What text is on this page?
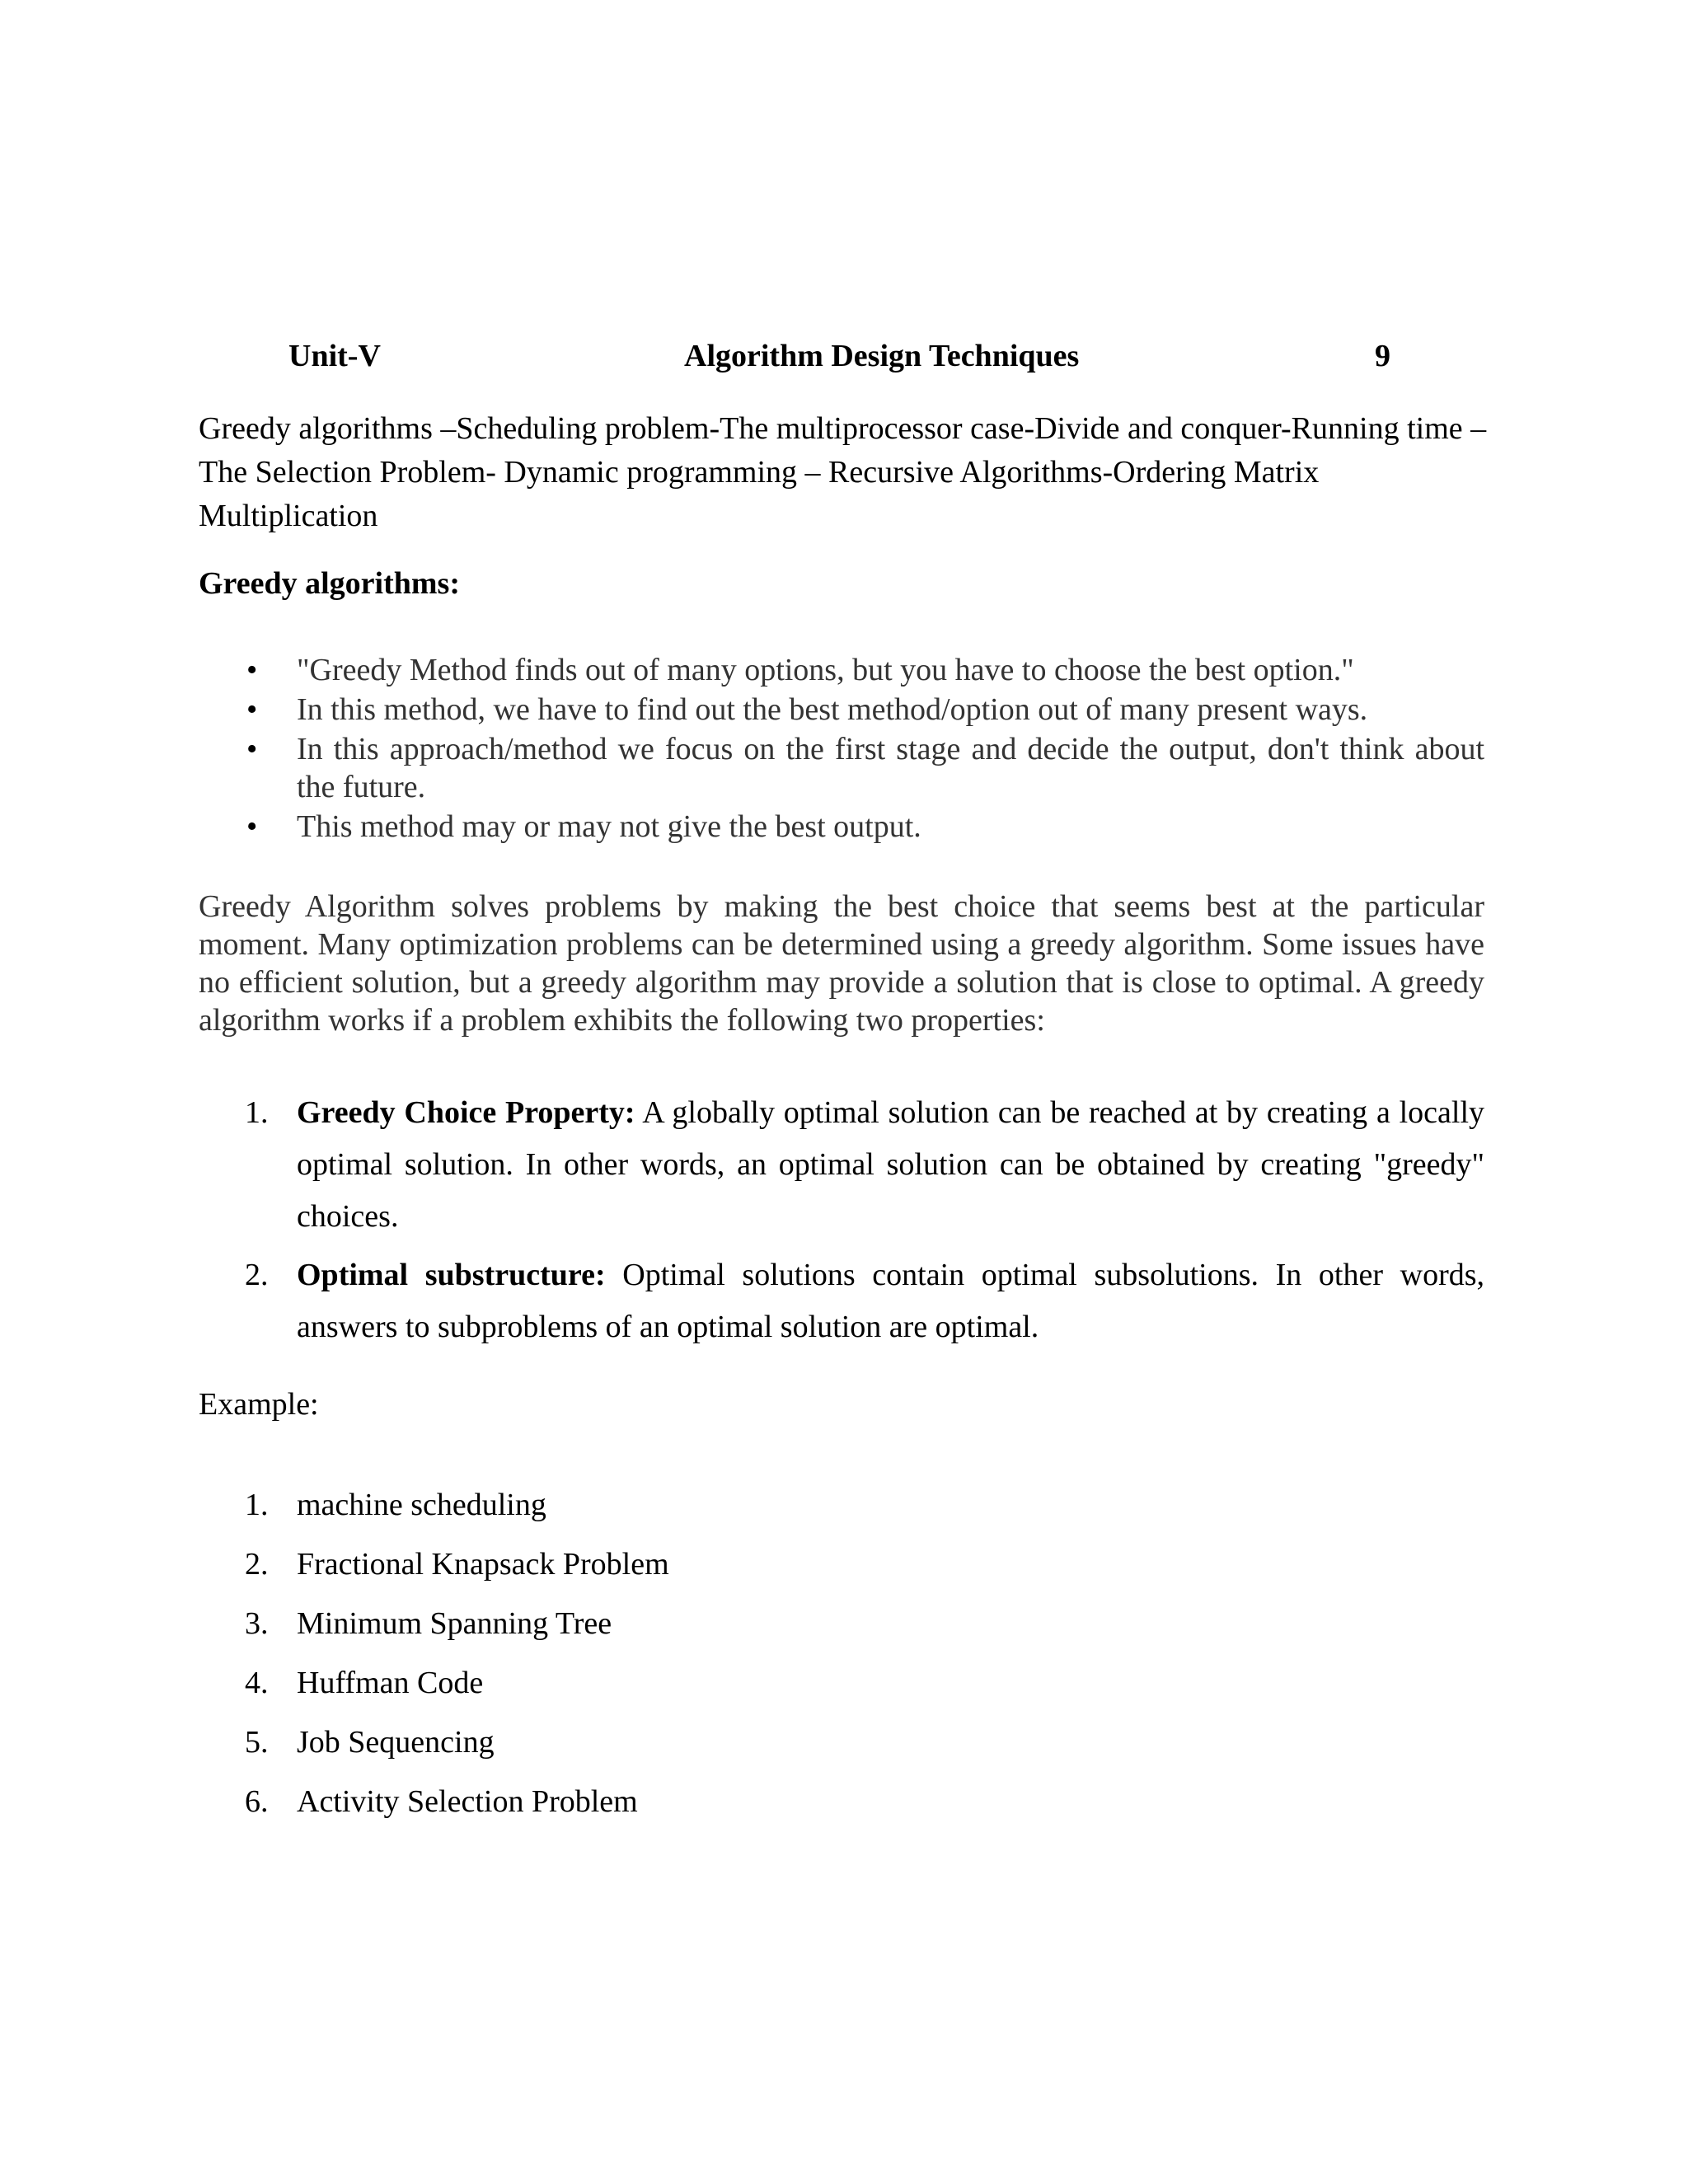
Unit-V	Algorithm Design Techniques	9
Greedy algorithms –Scheduling problem-The multiprocessor case-Divide and conquer-Running time –The Selection Problem- Dynamic programming – Recursive Algorithms-Ordering Matrix Multiplication
Greedy algorithms:
• "Greedy Method finds out of many options, but you have to choose the best option."
• In this method, we have to find out the best method/option out of many present ways.
• In this approach/method we focus on the first stage and decide the output, don't think about the future.
• This method may or may not give the best output.

Greedy Algorithm solves problems by making the best choice that seems best at the particular moment. Many optimization problems can be determined using a greedy algorithm. Some issues have no efficient solution, but a greedy algorithm may provide a solution that is close to optimal. A greedy algorithm works if a problem exhibits the following two properties:

1. Greedy Choice Property: A globally optimal solution can be reached at by creating a locally optimal solution. In other words, an optimal solution can be obtained by creating "greedy" choices.
2. Optimal substructure: Optimal solutions contain optimal subsolutions. In other words, answers to subproblems of an optimal solution are optimal.
Example:
1. machine scheduling
2. Fractional Knapsack Problem
3. Minimum Spanning Tree
4. Huffman Code
5. Job Sequencing
6. Activity Selection Problem
